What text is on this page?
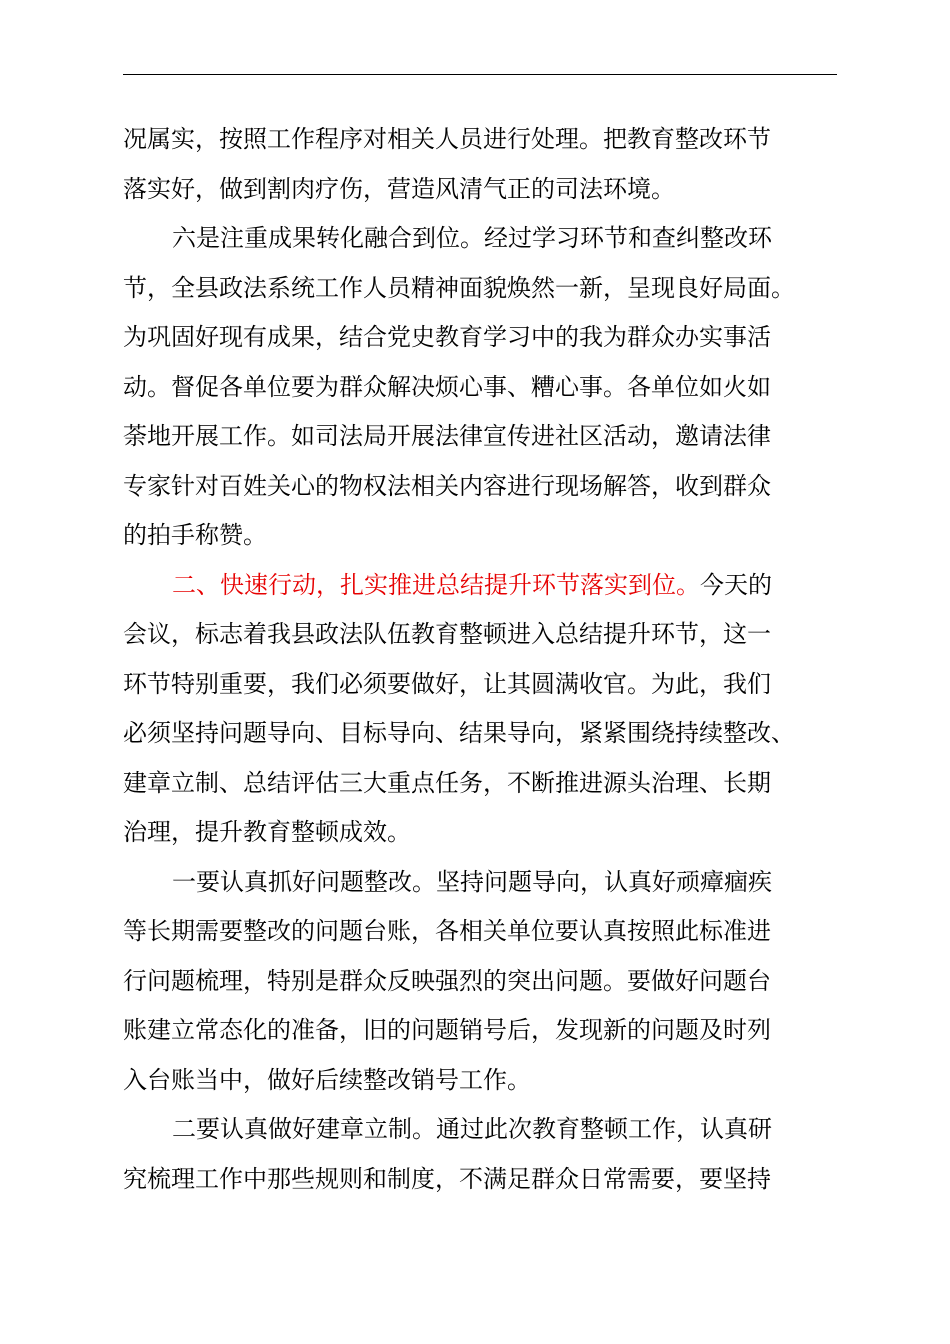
况属实，按照工作程序对相关人员进行处理。把教育整改环节
落实好，做到割肉疗伤，营造风清气正的司法环境。
六是注重成果转化融合到位。经过学习环节和查纠整改环
节，全县政法系统工作人员精神面貌焕然一新，呈现良好局面。
为巩固好现有成果，结合党史教育学习中的我为群众办实事活
动。督促各单位要为群众解决烦心事、糟心事。各单位如火如
荼地开展工作。如司法局开展法律宣传进社区活动，邀请法律
专家针对百姓关心的物权法相关内容进行现场解答，收到群众
的拍手称赞。
二、快速行动，扎实推进总结提升环节落实到位。今天的
会议，标志着我县政法队伍教育整顿进入总结提升环节，这一
环节特别重要，我们必须要做好，让其圆满收官。为此，我们
必须坚持问题导向、目标导向、结果导向，紧紧围绕持续整改、
建章立制、总结评估三大重点任务，不断推进源头治理、长期
治理，提升教育整顿成效。
一要认真抓好问题整改。坚持问题导向，认真好顽瘴痼疾
等长期需要整改的问题台账，各相关单位要认真按照此标准进
行问题梳理，特别是群众反映强烈的突出问题。要做好问题台
账建立常态化的准备，旧的问题销号后，发现新的问题及时列
入台账当中，做好后续整改销号工作。
二要认真做好建章立制。通过此次教育整顿工作，认真研
究梳理工作中那些规则和制度，不满足群众日常需要，要坚持
